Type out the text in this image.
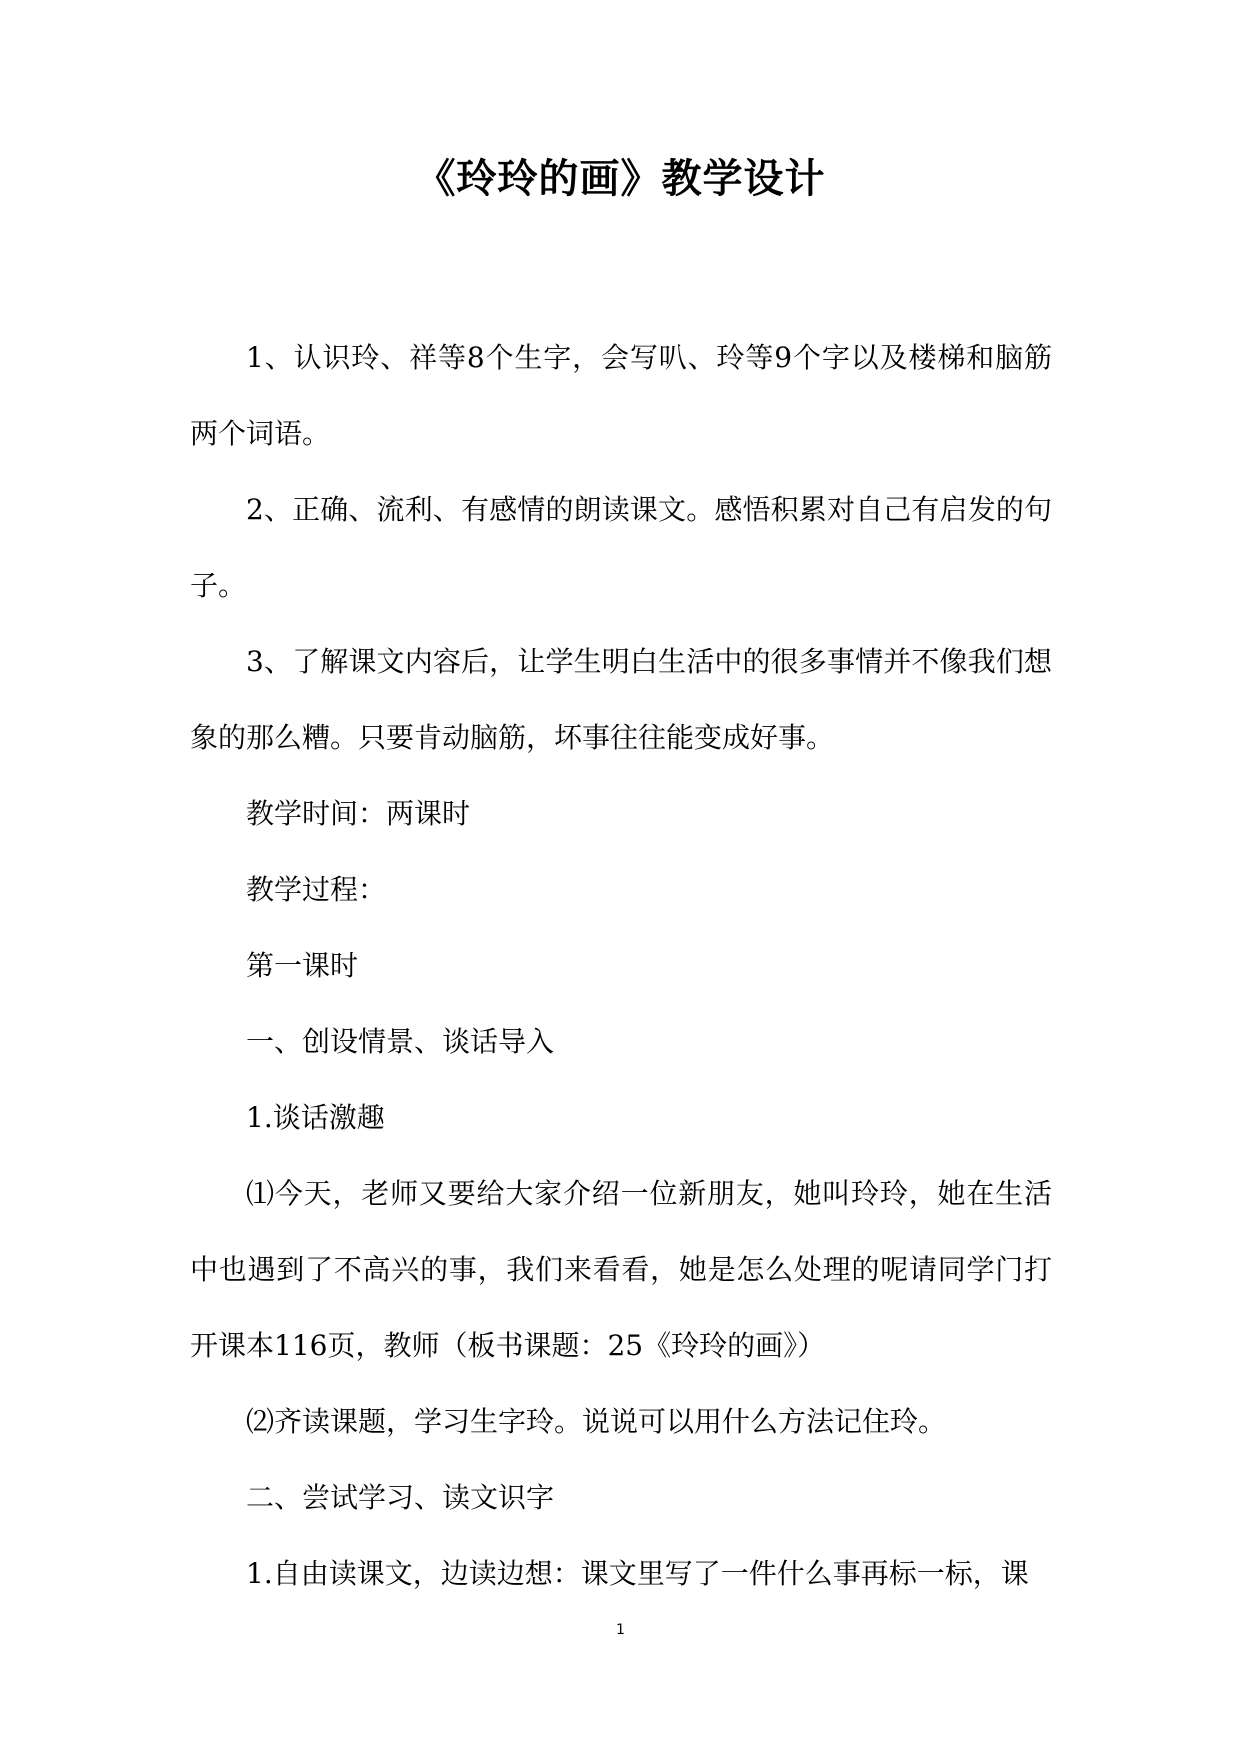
《玲玲的画》教学设计

1、认识玲、祥等8个生字，会写叭、玲等9个字以及楼梯和脑筋两个词语。

2、正确、流利、有感情的朗读课文。感悟积累对自己有启发的句子。

3、了解课文内容后，让学生明白生活中的很多事情并不像我们想象的那么糟。只要肯动脑筋，坏事往往能变成好事。

教学时间：两课时

教学过程：

第一课时

一、创设情景、谈话导入

1.谈话激趣

⑴今天，老师又要给大家介绍一位新朋友，她叫玲玲，她在生活中也遇到了不高兴的事，我们来看看，她是怎么处理的呢请同学门打开课本116页，教师（板书课题：25《玲玲的画》）

⑵齐读课题，学习生字玲。说说可以用什么方法记住玲。

二、尝试学习、读文识字

1.自由读课文，边读边想：课文里写了一件什么事再标一标，课

1
